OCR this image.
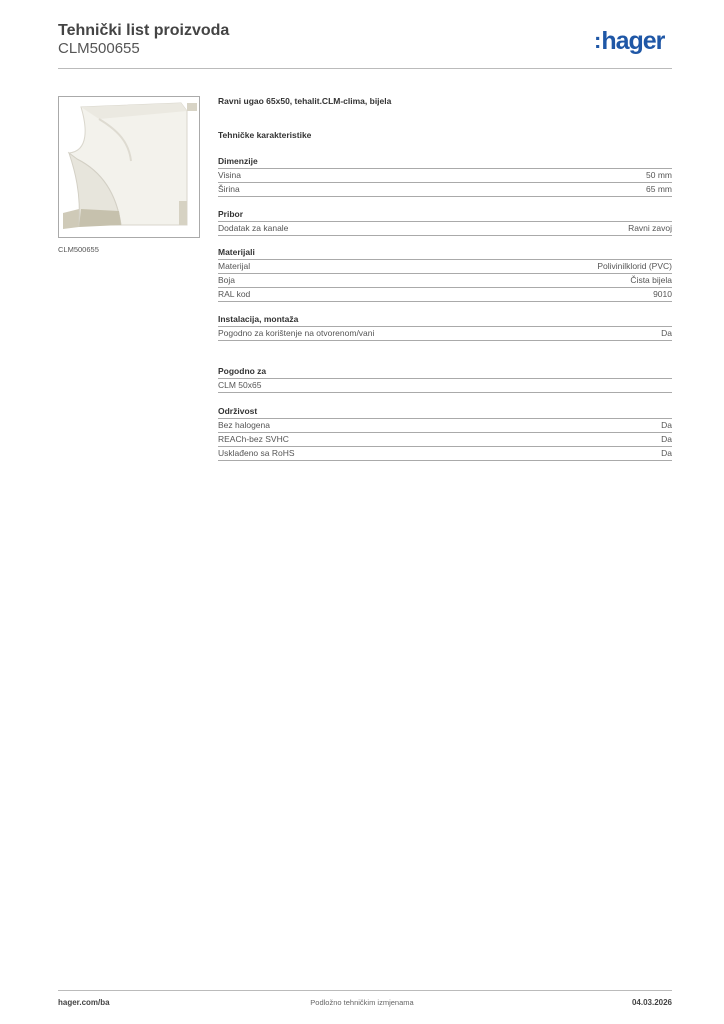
Tehnički list proizvoda
CLM500655	:hager
CLM500655
Ravni ugao 65x50, tehalit.CLM-clima, bijela
Tehničke karakteristike
Dimenzije
Visina	50 mm
Širina	65 mm
Pribor
Dodatak za kanale	Ravni zavoj
Materijali
Materijal	Polivinilklorid (PVC)
Boja	Čista bijela
RAL kod	9010
Instalacija, montaža
Pogodno za korištenje na otvorenom/vani	Da
Pogodno za
CLM 50x65
Održivost
Bez halogena	Da
REACh-bez SVHC	Da
Usklađeno sa RoHS	Da
hager.com/ba	Podložno tehničkim izmjenama	04.03.2026
